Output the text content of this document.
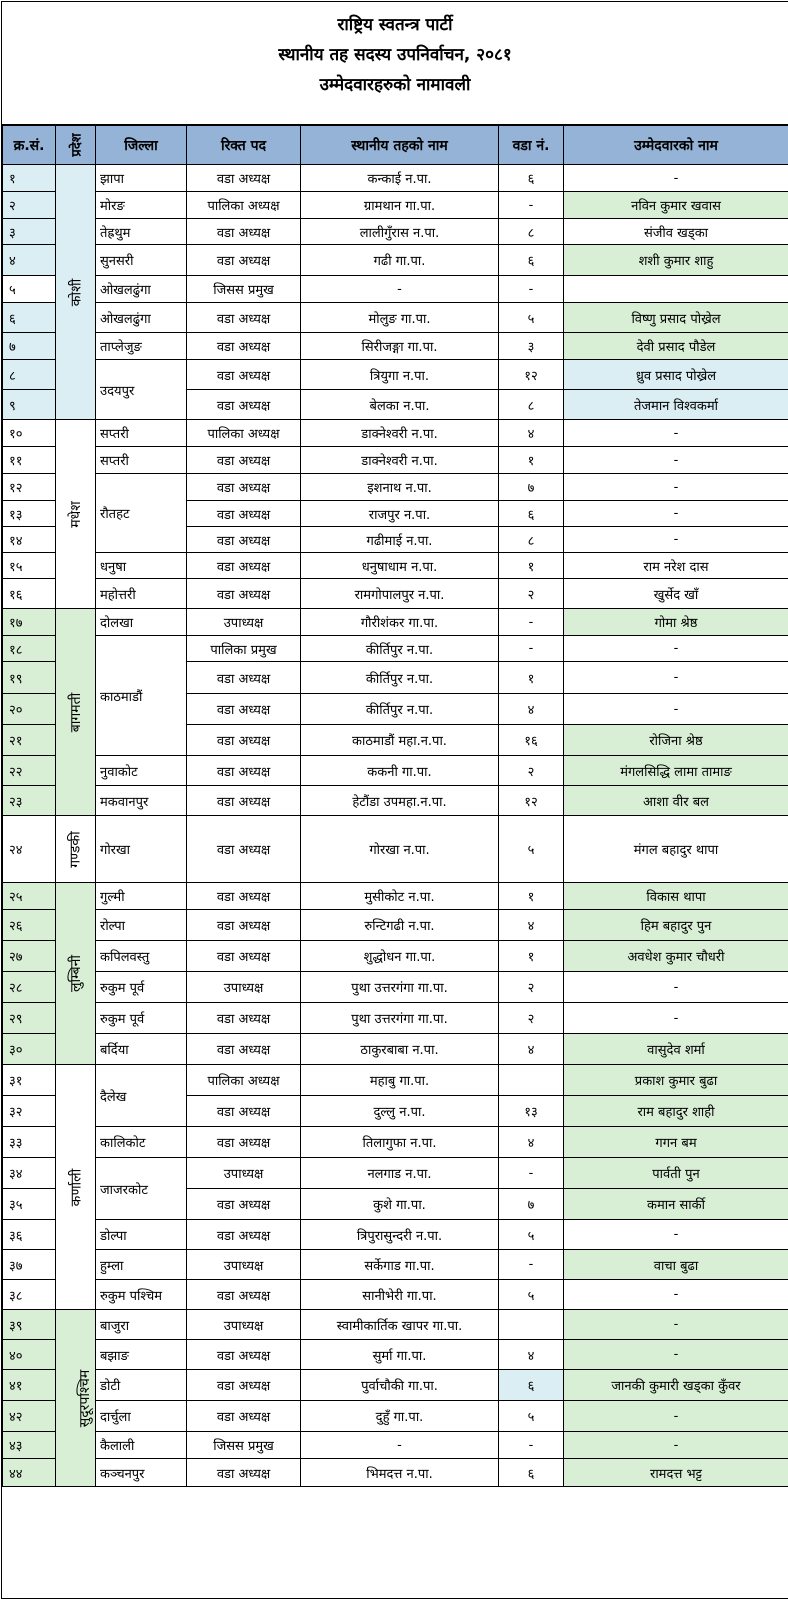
राष्ट्रिय स्वतन्त्र पार्टी
स्थानीय तह सदस्य उपनिर्वाचन, २०८१
उम्मेदवारहरुको नामावली
क्र.सं.	प्रदेश	जिल्ला	रिक्त पद	स्थानीय तहको नाम	वडा नं.	उम्मेदवारको नाम
१	कोशी	झापा	वडा अध्यक्ष	कन्काई न.पा.	६	-
२		मोरङ	पालिका अध्यक्ष	ग्रामथान गा.पा.	-	नविन कुमार खवास
३		तेह्रथुम	वडा अध्यक्ष	लालीगुँरास न.पा.	८	संजीव खड्का
४		सुनसरी	वडा अध्यक्ष	गढी गा.पा.	६	शशी कुमार शाहु
५		ओखलढुंगा	जिसस प्रमुख	-	-	
६		ओखलढुंगा	वडा अध्यक्ष	मोलुङ गा.पा.	५	विष्णु प्रसाद पोख्रेल
७		ताप्लेजुङ	वडा अध्यक्ष	सिरीजङ्गा गा.पा.	३	देवी प्रसाद पौडेल
८		उदयपुर	वडा अध्यक्ष	त्रियुगा न.पा.	१२	ध्रुव प्रसाद पोख्रेल
९			वडा अध्यक्ष	बेलका न.पा.	८	तेजमान विश्वकर्मा
१०	मधेश	सप्तरी	पालिका अध्यक्ष	डाक्नेश्वरी न.पा.	४	-
११		सप्तरी	वडा अध्यक्ष	डाक्नेश्वरी न.पा.	१	-
१२		रौतहट	वडा अध्यक्ष	इशनाथ न.पा.	७	-
१३			वडा अध्यक्ष	राजपुर न.पा.	६	-
१४			वडा अध्यक्ष	गढीमाई न.पा.	८	-
१५		धनुषा	वडा अध्यक्ष	धनुषाधाम न.पा.	१	राम नरेश दास
१६		महोत्तरी	वडा अध्यक्ष	रामगोपालपुर न.पा.	२	खुर्सेद खाँ
१७	बागमती	दोलखा	उपाध्यक्ष	गौरीशंकर गा.पा.	-	गोमा श्रेष्ठ
१८		काठमाडौं	पालिका प्रमुख	कीर्तिपुर न.पा.	-	-
१९			वडा अध्यक्ष	कीर्तिपुर न.पा.	१	-
२०			वडा अध्यक्ष	कीर्तिपुर न.पा.	४	-
२१			वडा अध्यक्ष	काठमाडौं महा.न.पा.	१६	रोजिना श्रेष्ठ
२२		नुवाकोट	वडा अध्यक्ष	ककनी गा.पा.	२	मंगलसिद्धि लामा तामाङ
२३		मकवानपुर	वडा अध्यक्ष	हेटौंडा उपमहा.न.पा.	१२	आशा वीर बल
२४	गण्डकी	गोरखा	वडा अध्यक्ष	गोरखा न.पा.	५	मंगल बहादुर थापा
२५	लुम्बिनी	गुल्मी	वडा अध्यक्ष	मुसीकोट न.पा.	१	विकास थापा
२६		रोल्पा	वडा अध्यक्ष	रुन्टिगढी न.पा.	४	हिम बहादुर पुन
२७		कपिलवस्तु	वडा अध्यक्ष	शुद्धोधन गा.पा.	१	अवधेश कुमार चौधरी
२८		रुकुम पूर्व	उपाध्यक्ष	पुथा उत्तरगंगा गा.पा.	२	-
२९		रुकुम पूर्व	वडा अध्यक्ष	पुथा उत्तरगंगा गा.पा.	२	-
३०		बर्दिया	वडा अध्यक्ष	ठाकुरबाबा न.पा.	४	वासुदेव शर्मा
३१	कर्णाली	दैलेख	पालिका अध्यक्ष	महाबु गा.पा.		प्रकाश कुमार बुढा
३२			वडा अध्यक्ष	दुल्लु न.पा.	१३	राम बहादुर शाही
३३		कालिकोट	वडा अध्यक्ष	तिलागुफा न.पा.	४	गगन बम
३४		जाजरकोट	उपाध्यक्ष	नलगाड न.पा.	-	पार्वती पुन
३५			वडा अध्यक्ष	कुशे गा.पा.	७	कमान सार्की
३६		डोल्पा	वडा अध्यक्ष	त्रिपुरासुन्दरी न.पा.	५	-
३७		हुम्ला	उपाध्यक्ष	सर्केगाड गा.पा.	-	वाचा बुढा
३८		रुकुम पश्चिम	वडा अध्यक्ष	सानीभेरी गा.पा.	५	-
३९	सुदूरपश्चिम	बाजुरा	उपाध्यक्ष	स्वामीकार्तिक खापर गा.पा.		-
४०		बझाङ	वडा अध्यक्ष	सुर्मा गा.पा.	४	-
४१		डोटी	वडा अध्यक्ष	पुर्वाचौकी गा.पा.	६	जानकी कुमारी खड्का कुँवर
४२		दार्चुला	वडा अध्यक्ष	दुहुँ गा.पा.	५	-
४३		कैलाली	जिसस प्रमुख	-	-	-
४४		कञ्चनपुर	वडा अध्यक्ष	भिमदत्त न.पा.	६	रामदत्त भट्ट
